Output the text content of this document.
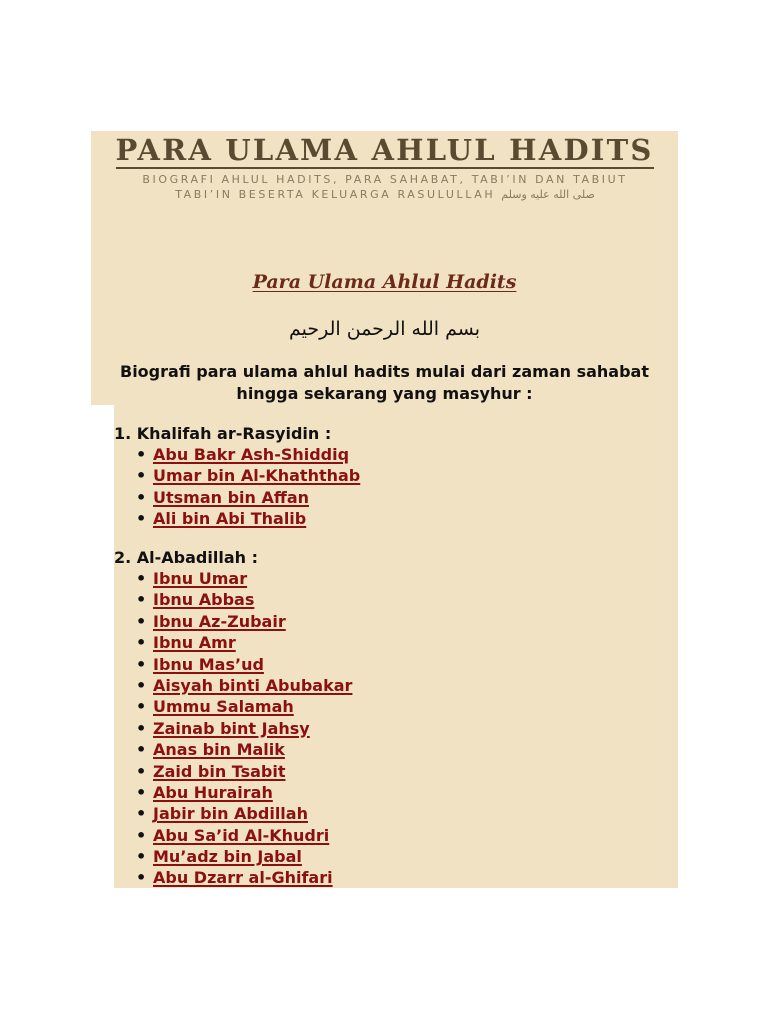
PARA ULAMA AHLUL HADITS
BIOGRAFI AHLUL HADITS, PARA SAHABAT, TABI’IN DAN TABIUT
TABI’IN BESERTA KELUARGA RASULULLAH صلى الله عليه وسلم
Para Ulama Ahlul Hadits

بسم الله الرحمن الرحيم

Biografi para ulama ahlul hadits mulai dari zaman sahabat
hingga sekarang yang masyhur :
1. Khalifah ar-Rasyidin :
• Abu Bakr Ash-Shiddiq
• Umar bin Al-Khaththab
• Utsman bin Affan
• Ali bin Abi Thalib
2. Al-Abadillah :
• Ibnu Umar
• Ibnu Abbas
• Ibnu Az-Zubair
• Ibnu Amr
• Ibnu Mas’ud
• Aisyah binti Abubakar
• Ummu Salamah
• Zainab bint Jahsy
• Anas bin Malik
• Zaid bin Tsabit
• Abu Hurairah
• Jabir bin Abdillah
• Abu Sa’id Al-Khudri
• Mu’adz bin Jabal
• Abu Dzarr al-Ghifari
